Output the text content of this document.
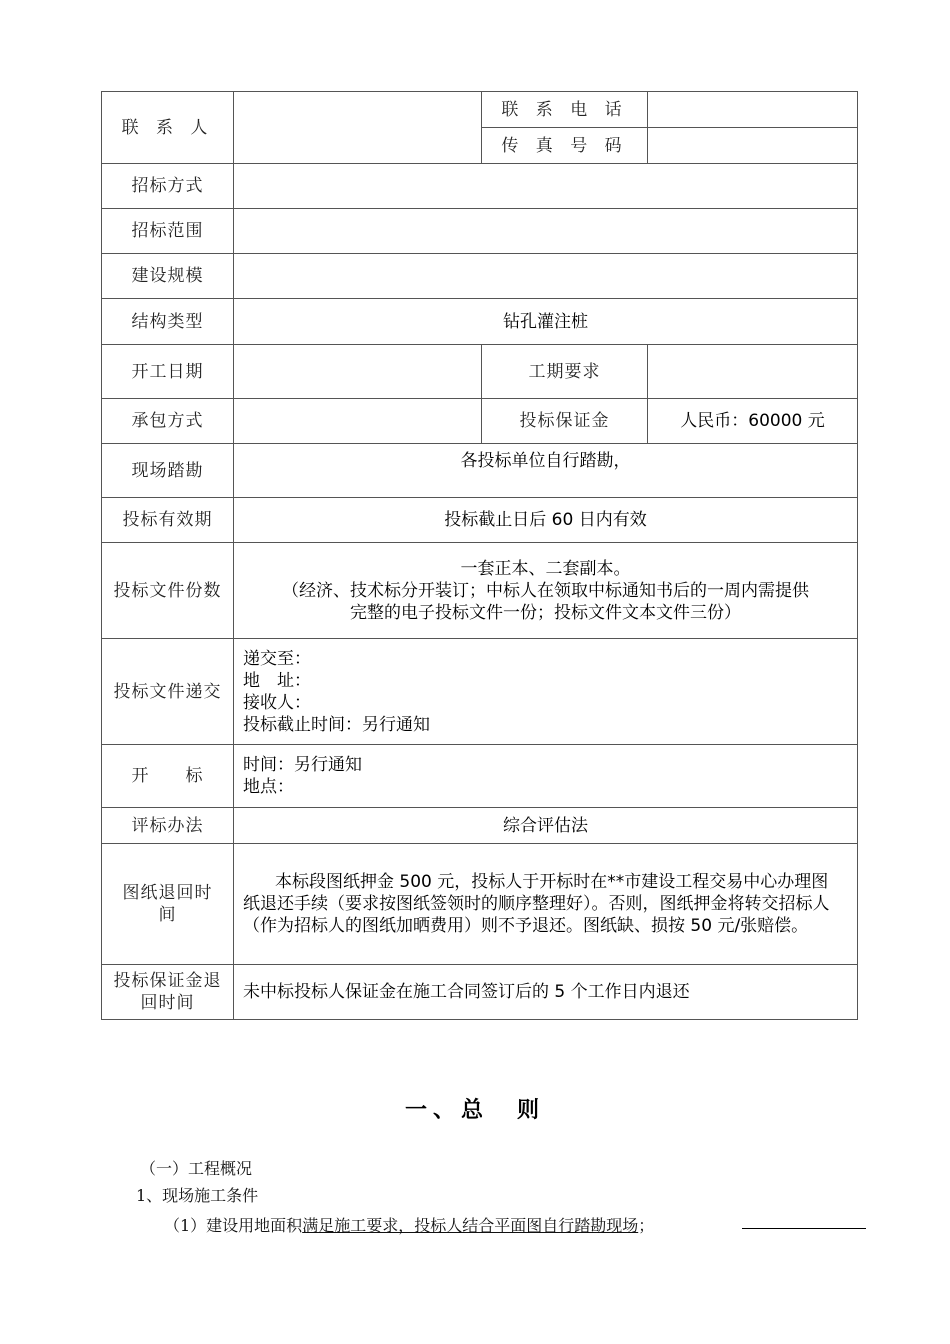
联 系 人		联 系 电 话	
		传 真 号 码	
招标方式			
招标范围			
建设规模			
结构类型	钻孔灌注桩		
开工日期		工期要求	
承包方式		投标保证金	人民币：60000 元
现场踏勘	各投标单位自行踏勘，		
投标有效期	投标截止日后 60 日内有效		
投标文件份数	一套正本、二套副本。
（经济、技术标分开装订；中标人在领取中标通知书后的一周内需提供
完整的电子投标文件一份；投标文件文本文件三份）		

投标文件递交	递交至：
地　址：
接收人：
投标截止时间：另行通知		

开　　标	时间：另行通知
地点：		

评标办法	综合评估法		
图纸退回时间	本标段图纸押金 500 元，投标人于开标时在**市建设工程交易中心办理图纸退还手续（要求按图纸签领时的顺序整理好）。否则，图纸押金将转交招标人（作为招标人的图纸加晒费用）则不予退还。图纸缺、损按 50 元/张赔偿。		

投标保证金退回时间	未中标投标人保证金在施工合同签订后的 5 个工作日内退还		
一、总　则
（一）工程概况
1、现场施工条件
（1）建设用地面积满足施工要求，投标人结合平面图自行踏勘现场；
